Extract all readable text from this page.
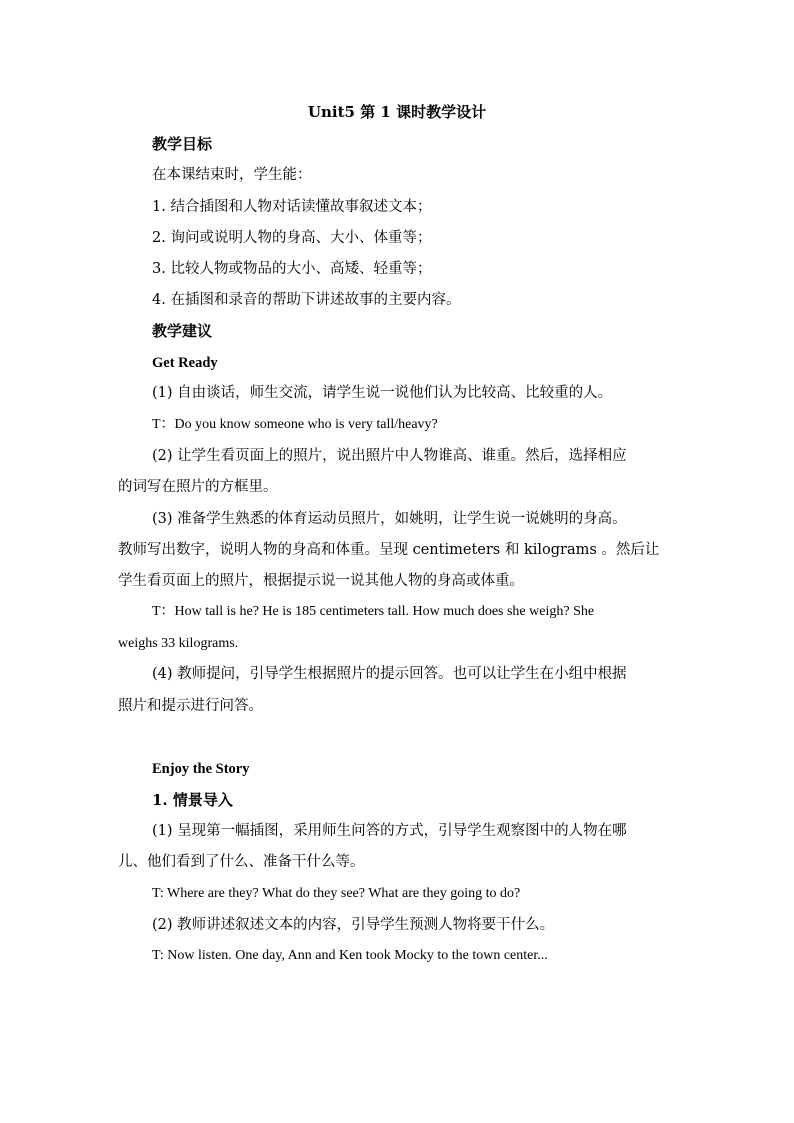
Unit5 第 1 课时教学设计
教学目标
在本课结束时，学生能：
1. 结合插图和人物对话读懂故事叙述文本；
2. 询问或说明人物的身高、大小、体重等；
3. 比较人物或物品的大小、高矮、轻重等；
4. 在插图和录音的帮助下讲述故事的主要内容。
教学建议
Get Ready
(1) 自由谈话，师生交流，请学生说一说他们认为比较高、比较重的人。
T：Do you know someone who is very tall/heavy?
(2) 让学生看页面上的照片，说出照片中人物谁高、谁重。然后，选择相应
的词写在照片的方框里。
(3) 准备学生熟悉的体育运动员照片，如姚明，让学生说一说姚明的身高。
教师写出数字，说明人物的身高和体重。呈现 centimeters 和 kilograms 。然后让
学生看页面上的照片，根据提示说一说其他人物的身高或体重。
T：How tall is he? He is 185 centimeters tall. How much does she weigh? She
weighs 33 kilograms.
(4) 教师提问，引导学生根据照片的提示回答。也可以让学生在小组中根据
照片和提示进行问答。
Enjoy the Story
1. 情景导入
(1) 呈现第一幅插图，采用师生问答的方式，引导学生观察图中的人物在哪
儿、他们看到了什么、准备干什么等。
T: Where are they? What do they see? What are they going to do?
(2) 教师讲述叙述文本的内容，引导学生预测人物将要干什么。
T: Now listen. One day, Ann and Ken took Mocky to the town center...
